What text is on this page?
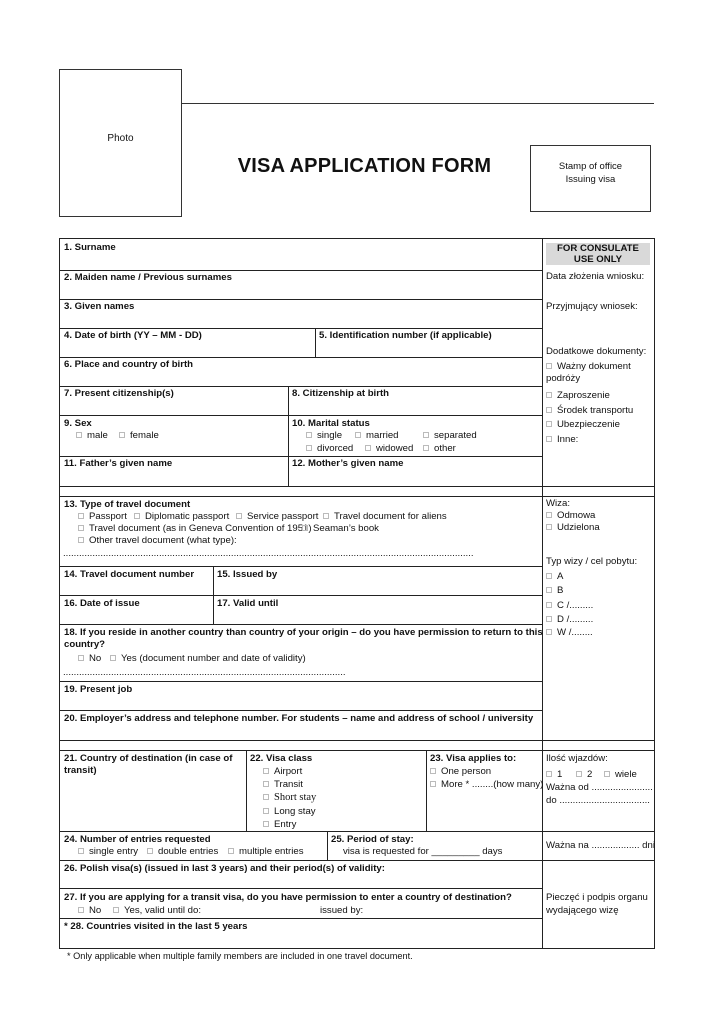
Photo
VISA APPLICATION FORM	Stamp of office
Issuing visa
1. Surname
2. Maiden name / Previous surnames
3. Given names
4. Date of birth (YY – MM - DD)	5. Identification number (if applicable)
6. Place and country of birth
7. Present citizenship(s)	8. Citizenship at birth
9. Sex
male	female
10. Marital status
single	married	separated
divorced	widowed	other
11. Father’s given name	12. Mother’s given name
13. Type of travel document
Passport	Diplomatic passport	Service passport	Travel document for aliens
Travel document (as in Geneva Convention of 1951) Seaman’s book
Other travel document (what type):
..........................................................................................................................................................
14. Travel document number 15. Issued by
16. Date of issue	17. Valid until
18. If you reside in another country than country of your origin – do you have permission to return to this
country?
No	Yes (document number and date of validity)
..........................................................................................................
19. Present job
20. Employer’s address and telephone number. For students – name and address of school / university
21. Country of destination (in case of
transit)
22. Visa class
Airport
Transit
Short stay
Long stay
Entry
23. Visa applies to:
One person
More * ........(how many)
24. Number of entries requested
single entry	double entries	multiple entries
25. Period of stay:
visa is requested for _________ days
26. Polish visa(s) (issued in last 3 years) and their period(s) of validity:
27. If you are applying for a transit visa, do you have permission to enter a country of destination?
No	Yes, valid until do:	issued by:
* 28. Countries visited in the last 5 years
FOR CONSULATE USE ONLY
Data złożenia wniosku:
Przyjmujący wniosek:
Dodatkowe dokumenty:
Ważny dokument
podróży
Zaproszenie
Środek transportu
Ubezpieczenie
Inne:
Wiza:
Odmowa
Udzielona
Typ wizy / cel pobytu:
A
B
C /.........
D /.........
W /........
Ilość wjazdów:
1	2	wiele
Ważna od .......................
do ..................................
Ważna na .................. dni
Pieczęć i podpis organu
wydającego wizę
* Only applicable when multiple family members are included in one travel document.
